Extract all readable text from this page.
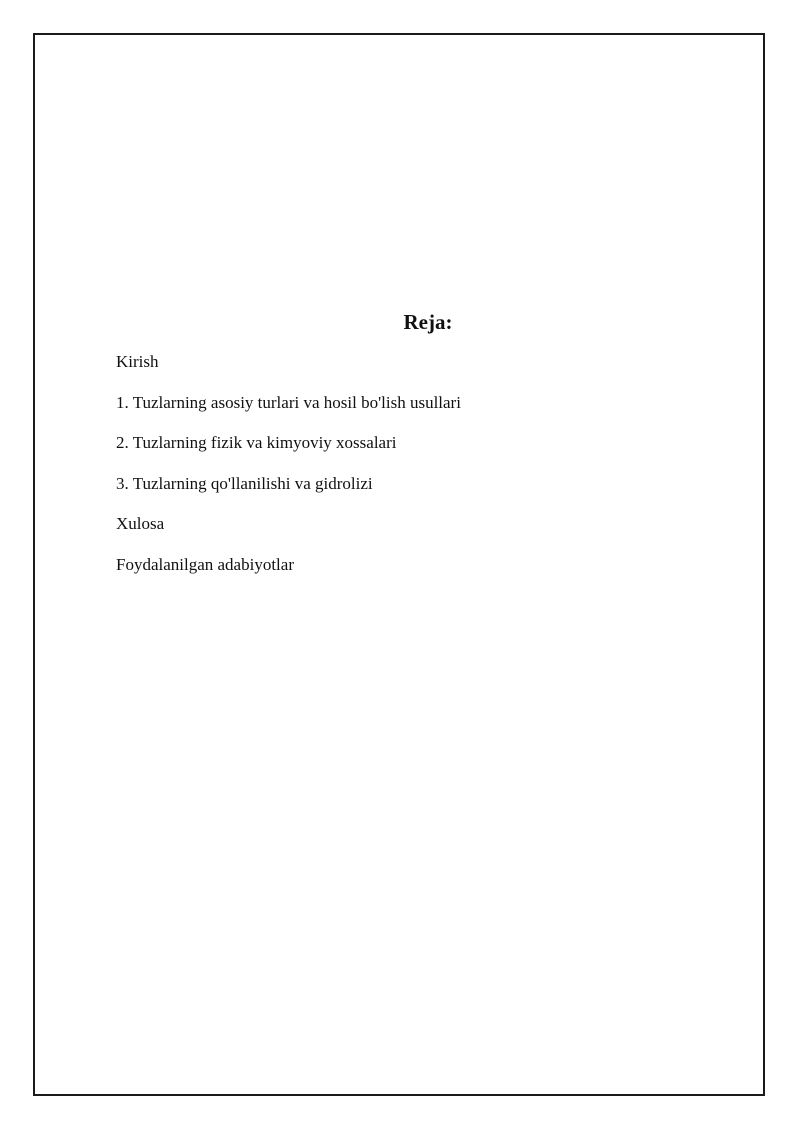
Reja:
Kirish
1. Tuzlarning asosiy turlari va hosil bo'lish usullari
2. Tuzlarning fizik va kimyoviy xossalari
3. Tuzlarning qo'llanilishi va gidrolizi
Xulosa
Foydalanilgan adabiyotlar
